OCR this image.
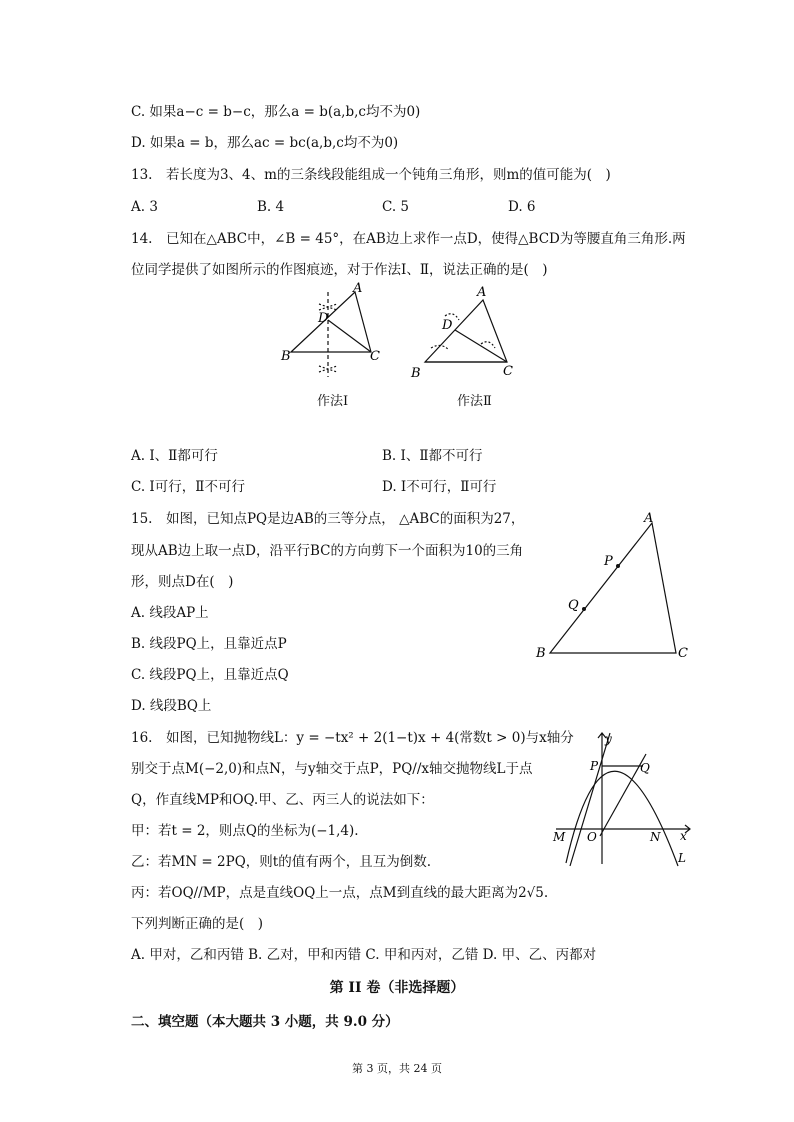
C. 如果a−c = b−c，那么a = b(a,b,c均不为0)
D. 如果a = b，那么ac = bc(a,b,c均不为0)
13.　若长度为3、4、m的三条线段能组成一个钝角三角形，则m的值可能为(　)
A. 3	B. 4	C. 5	D. 6
14.　已知在△ABC中，∠B = 45°，在AB边上求作一点D，使得△BCD为等腰直角三角形.两
位同学提供了如图所示的作图痕迹，对于作法Ⅰ、Ⅱ，说法正确的是(　)
A
D
B	C
A
D
B	C
作法Ⅰ	作法Ⅱ
A. Ⅰ、Ⅱ都可行	B. Ⅰ、Ⅱ都不可行
C. Ⅰ可行，Ⅱ不可行	D. Ⅰ不可行，Ⅱ可行
15.　如图，已知点PQ是边AB的三等分点， △ABC的面积为27，
现从AB边上取一点D，沿平行BC的方向剪下一个面积为10的三角
形，则点D在(　)
A. 线段AP上
B. 线段PQ上，且靠近点P
C. 线段PQ上，且靠近点Q
D. 线段BQ上
A
P
Q
B	C
16.　如图，已知抛物线L：y = −tx² + 2(1−t)x + 4(常数t > 0)与x轴分
别交于点M(−2,0)和点N，与y轴交于点P，PQ//x轴交抛物线L于点
Q，作直线MP和OQ.甲、乙、丙三人的说法如下：
甲：若t = 2，则点Q的坐标为(−1,4).
乙：若MN = 2PQ，则t的值有两个，且互为倒数.
丙：若OQ//MP，点是直线OQ上一点，点M到直线的最大距离为2√5.
下列判断正确的是(　)
A. 甲对，乙和丙错 B. 乙对，甲和丙错 C. 甲和丙对，乙错 D. 甲、乙、丙都对
y
x
P	Q
M O	N
L
第 II 卷（非选择题）
二、填空题（本大题共 3 小题，共 9.0 分）
第 3 页，共 24 页
